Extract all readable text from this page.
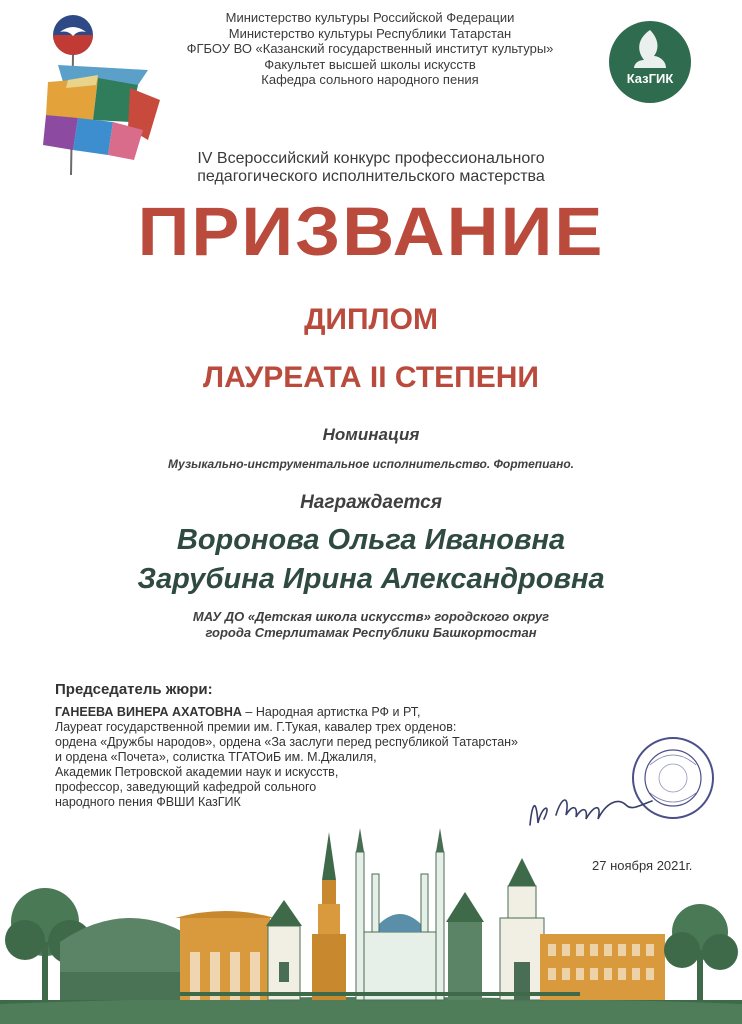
КазГИК
Министерство культуры Российской Федерации
Министерство культуры Республики Татарстан
ФГБОУ ВО «Казанский государственный институт культуры»
Факультет высшей школы искусств
Кафедра сольного народного пения
IV Всероссийский конкурс профессионального
педагогического исполнительского мастерства
ПРИЗВАНИЕ
ДИПЛОМ
ЛАУРЕАТА II СТЕПЕНИ
Номинация
Музыкально-инструментальное исполнительство. Фортепиано.
Награждается
Воронова Ольга Ивановна
Зарубина Ирина Александровна
МАУ ДО «Детская школа искусств» городского округ
города Стерлитамак Республики Башкортостан
Председатель жюри:
ГАНЕЕВА ВИНЕРА АХАТОВНА – Народная артистка РФ и РТ,
Лауреат государственной премии им. Г.Тукая, кавалер трех орденов:
ордена «Дружбы народов», ордена «За заслуги перед республикой Татарстан»
и ордена «Почета», солистка ТГАТОиБ им. М.Джалиля,
Академик Петровской академии наук и искусств,
профессор, заведующий кафедрой сольного
народного пения ФВШИ КазГИК
27 ноября 2021г.
